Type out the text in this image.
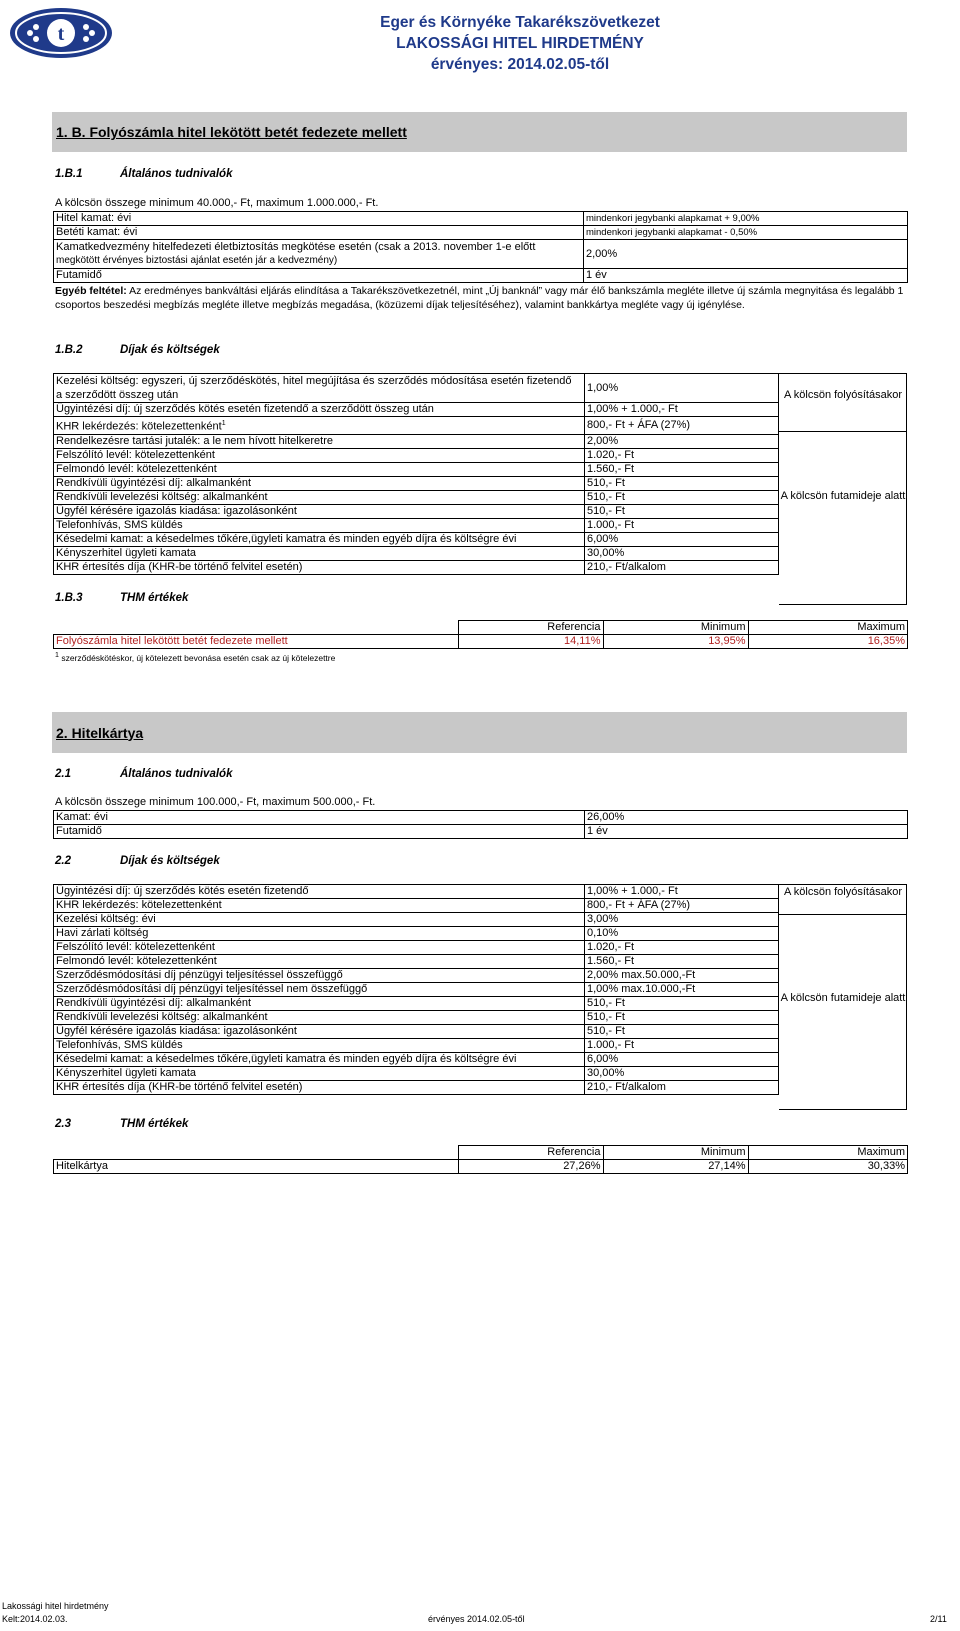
t
Eger és Környéke Takarékszövetkezet
LAKOSSÁGI HITEL HIRDETMÉNY
érvényes: 2014.02.05-től
1. B. Folyószámla hitel lekötött betét fedezete mellett
1.B.1	Általános tudnivalók
A kölcsön összege minimum 40.000,- Ft, maximum 1.000.000,- Ft.
Hitel kamat: évi	mindenkori jegybanki alapkamat + 9,00%
Betéti kamat: évi	mindenkori jegybanki alapkamat - 0,50%

Kamatkedvezmény hitelfedezeti életbiztosítás megkötése esetén (csak a 2013. november 1-e előtt
megkötött érvényes biztostási ajánlat esetén jár a kedvezmény)	2,00%
Futamidő	1 év
Egyéb feltétel: Az eredményes bankváltási eljárás elindítása a Takarékszövetkezetnél, mint „Új banknál” vagy már élő bankszámla megléte illetve új számla megnyitása és legalább 1 csoportos beszedési megbízás megléte illetve megbízás megadása, (közüzemi díjak teljesítéséhez), valamint bankkártya megléte vagy új igénylése.
1.B.2	Díjak és költségek
Kezelési költség: egyszeri, új szerződéskötés, hitel megújítása és szerződés módosítása esetén fizetendő
a szerződött összeg után	1,00%
Ügyintézési díj: új szerződés kötés esetén fizetendő a szerződött összeg után	1,00% + 1.000,- Ft
KHR lekérdezés: kötelezettenként$^1$	800,- Ft + ÁFA (27%)
Rendelkezésre tartási jutalék: a le nem hívott hitelkeretre	2,00%
Felszólító levél: kötelezettenként	1.020,- Ft
Felmondó levél: kötelezettenként	1.560,- Ft
Rendkívüli ügyintézési díj: alkalmanként	510,- Ft
Rendkívüli levelezési költség: alkalmanként	510,- Ft
Ügyfél kérésére igazolás kiadása: igazolásonként	510,- Ft
Telefonhívás, SMS küldés	1.000,- Ft
Késedelmi kamat: a késedelmes tőkére,ügyleti kamatra és minden egyéb díjra és költségre évi	6,00%
Kényszerhitel ügyleti kamata	30,00%
KHR értesítés díja (KHR-be történő felvitel esetén)	210,- Ft/alkalom
A kölcsön folyósításakor
A kölcsön futamideje alatt
1.B.3	THM értékek
	Referencia	Minimum	Maximum
Folyószámla hitel lekötött betét fedezete mellett	14,11%	13,95%	16,35%
$^1$ szerződéskötéskor, új kötelezett bevonása esetén csak az új kötelezettre
2. Hitelkártya
2.1	Általános tudnivalók
A kölcsön összege minimum 100.000,- Ft, maximum 500.000,- Ft.
Kamat: évi	26,00%
Futamidő	1 év
2.2	Díjak és költségek
Ügyintézési díj: új szerződés kötés esetén fizetendő	1,00% + 1.000,- Ft
KHR lekérdezés: kötelezettenként	800,- Ft + ÁFA (27%)
Kezelési költség: évi	3,00%
Havi zárlati költség	0,10%
Felszólító levél: kötelezettenként	1.020,- Ft
Felmondó levél: kötelezettenként	1.560,- Ft
Szerződésmódosítási díj pénzügyi teljesítéssel összefüggő	2,00% max.50.000,-Ft
Szerződésmódosítási díj pénzügyi teljesítéssel nem összefüggő	1,00% max.10.000,-Ft
Rendkívüli ügyintézési díj: alkalmanként	510,- Ft
Rendkívüli levelezési költség: alkalmanként	510,- Ft
Ügyfél kérésére igazolás kiadása: igazolásonként	510,- Ft
Telefonhívás, SMS küldés	1.000,- Ft
Késedelmi kamat: a késedelmes tőkére,ügyleti kamatra és minden egyéb díjra és költségre évi	6,00%
Kényszerhitel ügyleti kamata	30,00%
KHR értesítés díja (KHR-be történő felvitel esetén)	210,- Ft/alkalom
A kölcsön folyósításakor
A kölcsön futamideje alatt
2.3	THM értékek
	Referencia	Minimum	Maximum
Hitelkártya	27,26%	27,14%	30,33%
Lakossági hitel hirdetmény
Kelt:2014.02.03.	érvényes 2014.02.05-től	2/11
